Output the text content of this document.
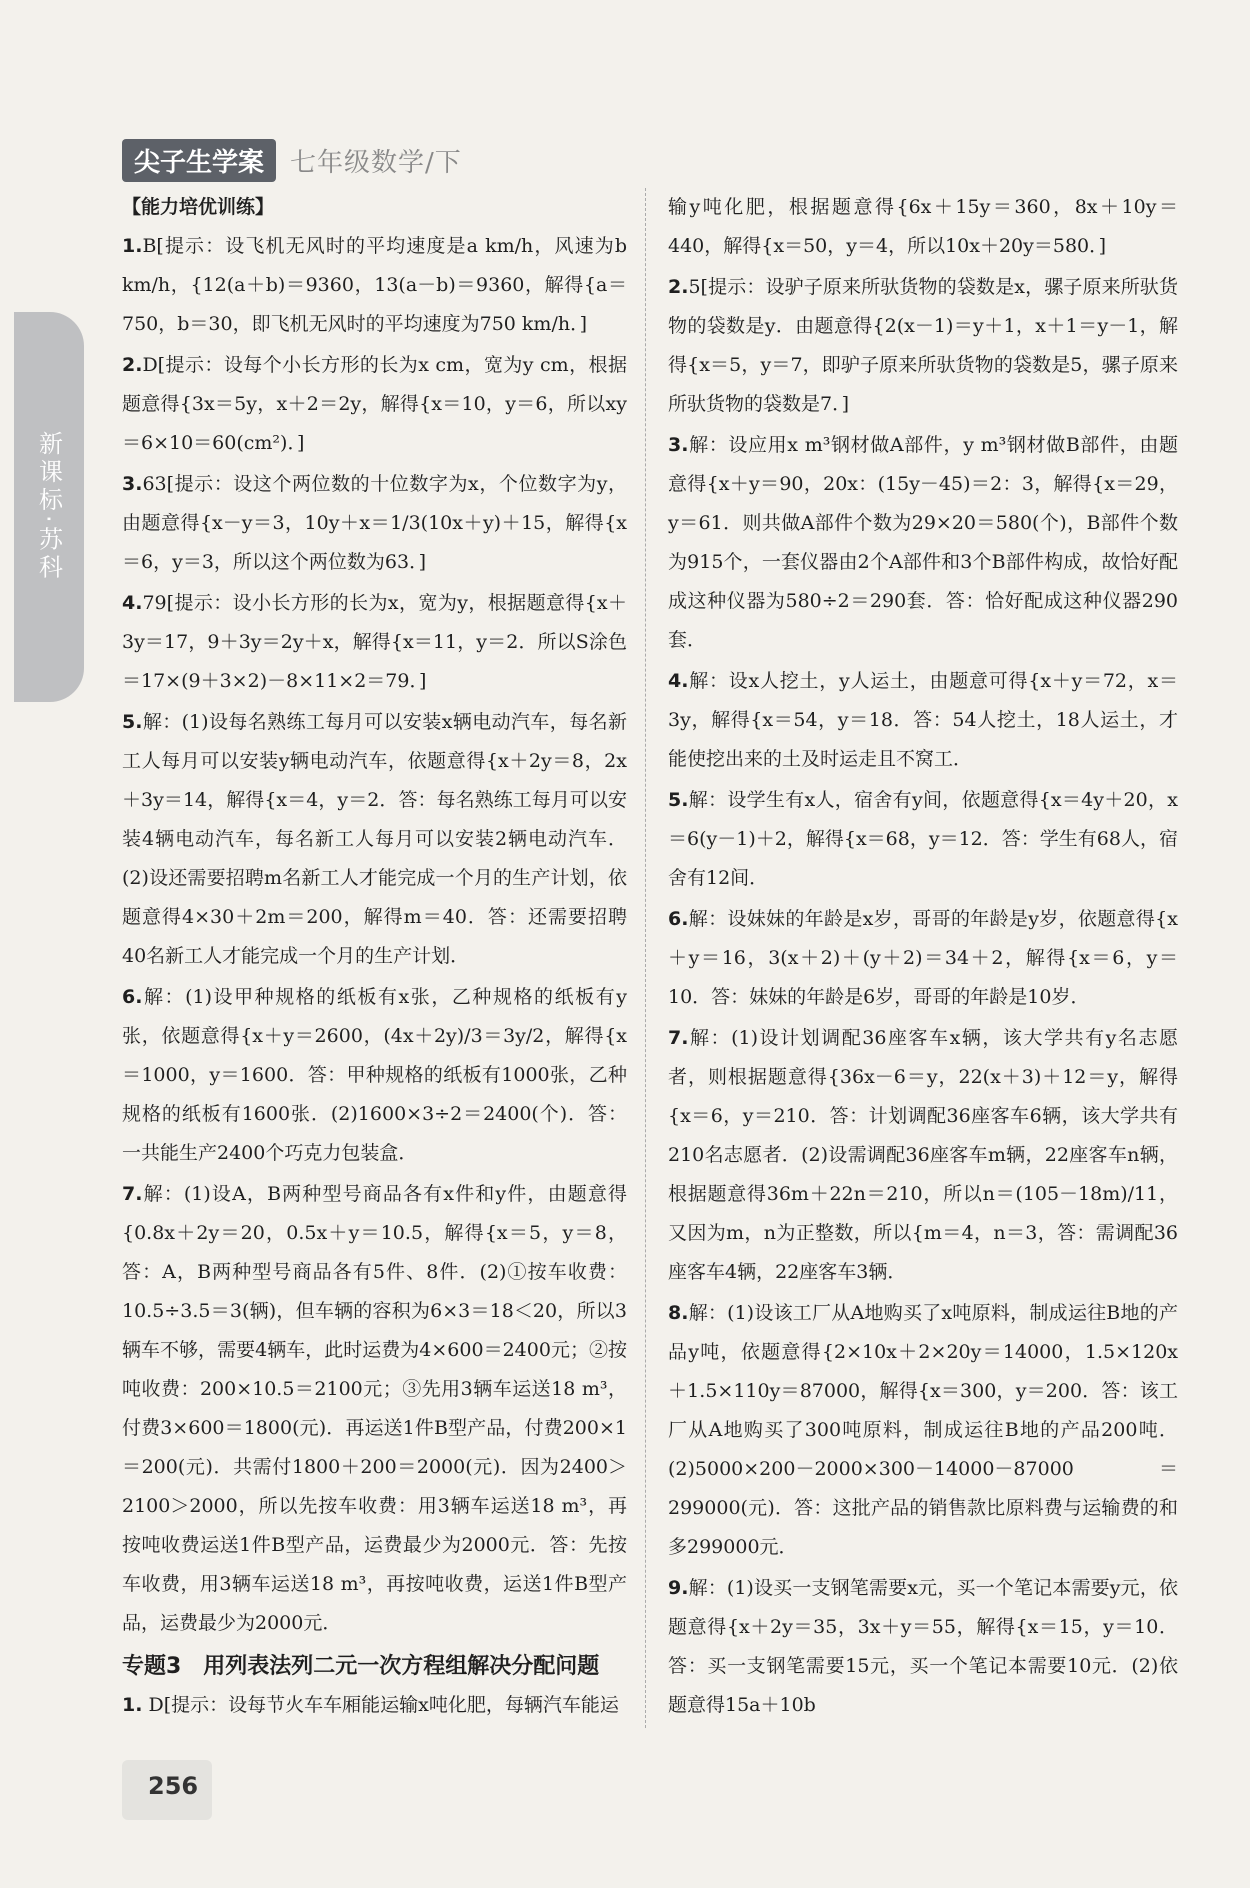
尖子生学案	七年级数学/下
新课标·苏科
【能力培优训练】
1.B[提示：设飞机无风时的平均速度是a km/h，风速为b km/h，{12(a＋b)＝9360，13(a－b)＝9360，解得{a＝750，b＝30，即飞机无风时的平均速度为750 km/h．]
2.D[提示：设每个小长方形的长为x cm，宽为y cm，根据题意得{3x＝5y，x＋2＝2y，解得{x＝10，y＝6，所以xy＝6×10＝60(cm²)．]
3.63[提示：设这个两位数的十位数字为x，个位数字为y，由题意得{x－y＝3，10y＋x＝1/3(10x＋y)＋15，解得{x＝6，y＝3，所以这个两位数为63．]
4.79[提示：设小长方形的长为x，宽为y，根据题意得{x＋3y＝17，9＋3y＝2y＋x，解得{x＝11，y＝2．所以S涂色＝17×(9＋3×2)－8×11×2＝79．]
5.解：(1)设每名熟练工每月可以安装x辆电动汽车，每名新工人每月可以安装y辆电动汽车，依题意得{x＋2y＝8，2x＋3y＝14，解得{x＝4，y＝2．答：每名熟练工每月可以安装4辆电动汽车，每名新工人每月可以安装2辆电动汽车．(2)设还需要招聘m名新工人才能完成一个月的生产计划，依题意得4×30＋2m＝200，解得m＝40．答：还需要招聘40名新工人才能完成一个月的生产计划．
6.解：(1)设甲种规格的纸板有x张，乙种规格的纸板有y张，依题意得{x＋y＝2600，(4x＋2y)/3＝3y/2，解得{x＝1000，y＝1600．答：甲种规格的纸板有1000张，乙种规格的纸板有1600张．(2)1600×3÷2＝2400(个)．答：一共能生产2400个巧克力包装盒．
7.解：(1)设A，B两种型号商品各有x件和y件，由题意得{0.8x＋2y＝20，0.5x＋y＝10.5，解得{x＝5，y＝8，答：A，B两种型号商品各有5件、8件．(2)①按车收费：10.5÷3.5＝3(辆)，但车辆的容积为6×3＝18＜20，所以3辆车不够，需要4辆车，此时运费为4×600＝2400元；②按吨收费：200×10.5＝2100元；③先用3辆车运送18 m³，付费3×600＝1800(元)．再运送1件B型产品，付费200×1＝200(元)．共需付1800＋200＝2000(元)．因为2400＞2100＞2000，所以先按车收费：用3辆车运送18 m³，再按吨收费运送1件B型产品，运费最少为2000元．答：先按车收费，用3辆车运送18 m³，再按吨收费，运送1件B型产品，运费最少为2000元．
专题3　用列表法列二元一次方程组解决分配问题
1. D[提示：设每节火车车厢能运输x吨化肥，每辆汽车能运
输y吨化肥，根据题意得{6x＋15y＝360，8x＋10y＝440，解得{x＝50，y＝4，所以10x＋20y＝580．]
2.5[提示：设驴子原来所驮货物的袋数是x，骡子原来所驮货物的袋数是y．由题意得{2(x－1)＝y＋1，x＋1＝y－1，解得{x＝5，y＝7，即驴子原来所驮货物的袋数是5，骡子原来所驮货物的袋数是7．]
3.解：设应用x m³钢材做A部件，y m³钢材做B部件，由题意得{x＋y＝90，20x：(15y－45)＝2：3，解得{x＝29，y＝61．则共做A部件个数为29×20＝580(个)，B部件个数为915个，一套仪器由2个A部件和3个B部件构成，故恰好配成这种仪器为580÷2＝290套．答：恰好配成这种仪器290套．
4.解：设x人挖土，y人运土，由题意可得{x＋y＝72，x＝3y，解得{x＝54，y＝18．答：54人挖土，18人运土，才能使挖出来的土及时运走且不窝工．
5.解：设学生有x人，宿舍有y间，依题意得{x＝4y＋20，x＝6(y－1)＋2，解得{x＝68，y＝12．答：学生有68人，宿舍有12间．
6.解：设妹妹的年龄是x岁，哥哥的年龄是y岁，依题意得{x＋y＝16，3(x＋2)＋(y＋2)＝34＋2，解得{x＝6，y＝10．答：妹妹的年龄是6岁，哥哥的年龄是10岁．
7.解：(1)设计划调配36座客车x辆，该大学共有y名志愿者，则根据题意得{36x－6＝y，22(x＋3)＋12＝y，解得{x＝6，y＝210．答：计划调配36座客车6辆，该大学共有210名志愿者．(2)设需调配36座客车m辆，22座客车n辆，根据题意得36m＋22n＝210，所以n＝(105－18m)/11，又因为m，n为正整数，所以{m＝4，n＝3，答：需调配36座客车4辆，22座客车3辆．
8.解：(1)设该工厂从A地购买了x吨原料，制成运往B地的产品y吨，依题意得{2×10x＋2×20y＝14000，1.5×120x＋1.5×110y＝87000，解得{x＝300，y＝200．答：该工厂从A地购买了300吨原料，制成运往B地的产品200吨．(2)5000×200－2000×300－14000－87000＝299000(元)．答：这批产品的销售款比原料费与运输费的和多299000元．
9.解：(1)设买一支钢笔需要x元，买一个笔记本需要y元，依题意得{x＋2y＝35，3x＋y＝55，解得{x＝15，y＝10．答：买一支钢笔需要15元，买一个笔记本需要10元．(2)依题意得15a＋10b
256
